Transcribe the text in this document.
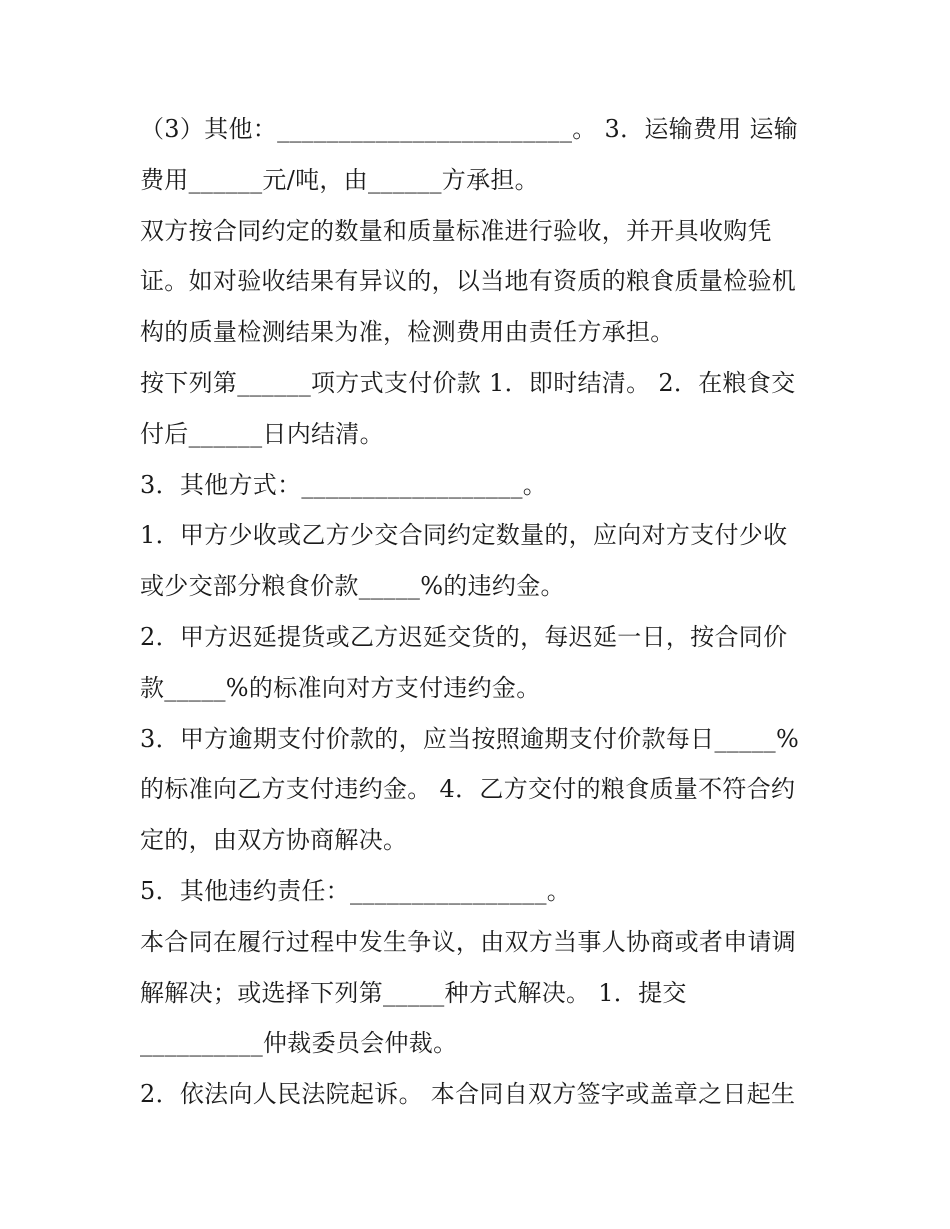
（3）其他：________________________。 3．运输费用 运输
费用______元/吨，由______方承担。
双方按合同约定的数量和质量标准进行验收，并开具收购凭
证。如对验收结果有异议的，以当地有资质的粮食质量检验机
构的质量检测结果为准，检测费用由责任方承担。
按下列第______项方式支付价款 1．即时结清。 2．在粮食交
付后______日内结清。
3．其他方式：__________________。
1．甲方少收或乙方少交合同约定数量的，应向对方支付少收
或少交部分粮食价款_____%的违约金。
2．甲方迟延提货或乙方迟延交货的，每迟延一日，按合同价
款_____%的标准向对方支付违约金。
3．甲方逾期支付价款的，应当按照逾期支付价款每日_____%
的标准向乙方支付违约金。 4．乙方交付的粮食质量不符合约
定的，由双方协商解决。
5．其他违约责任：________________。
本合同在履行过程中发生争议，由双方当事人协商或者申请调
解解决；或选择下列第_____种方式解决。 1．提交
__________仲裁委员会仲裁。
2．依法向人民法院起诉。 本合同自双方签字或盖章之日起生
